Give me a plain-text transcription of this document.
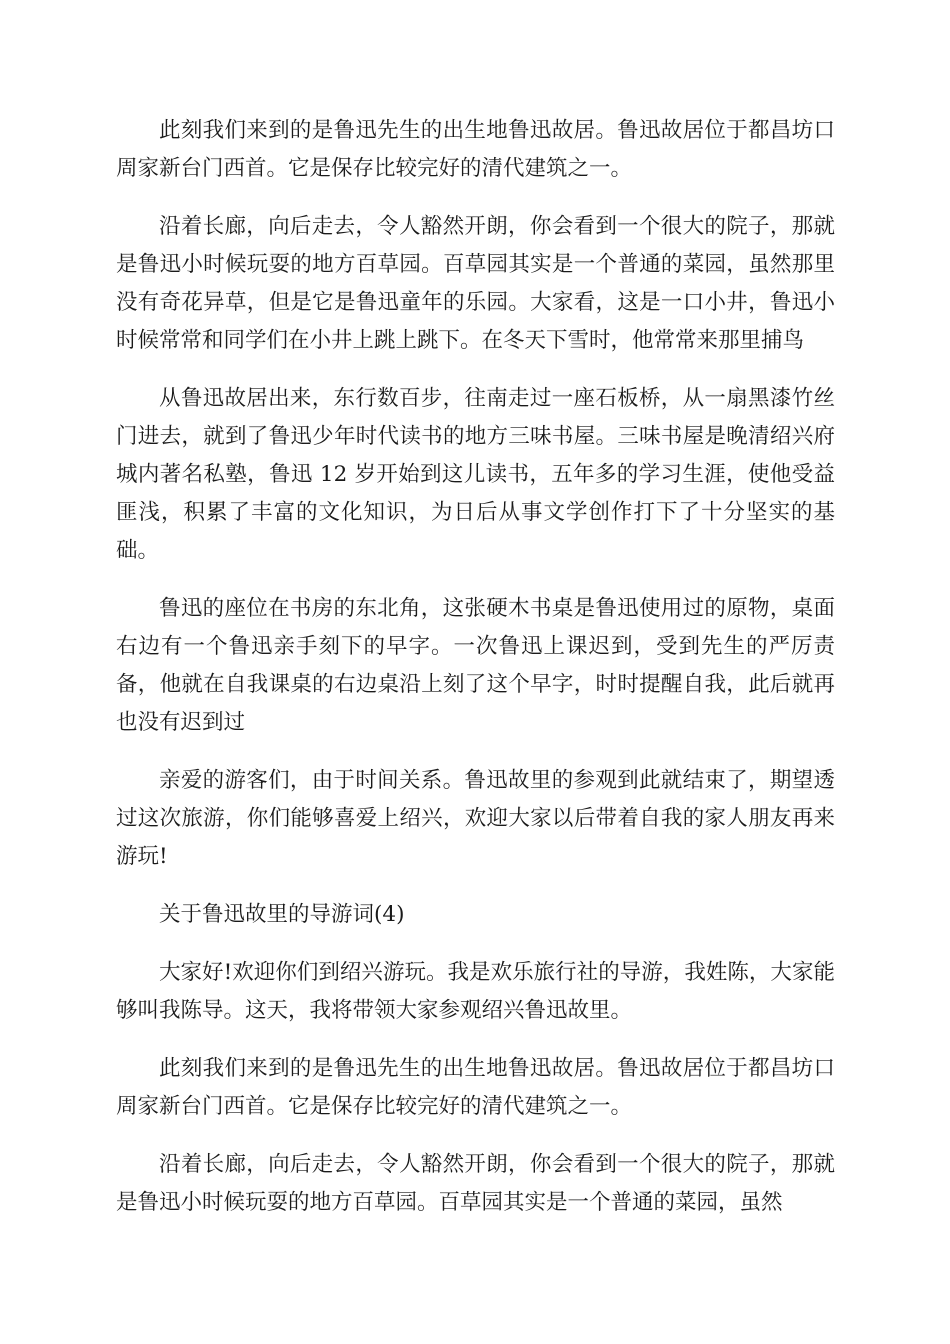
此刻我们来到的是鲁迅先生的出生地鲁迅故居。鲁迅故居位于都昌坊口周家新台门西首。它是保存比较完好的清代建筑之一。

沿着长廊，向后走去，令人豁然开朗，你会看到一个很大的院子，那就是鲁迅小时候玩耍的地方百草园。百草园其实是一个普通的菜园，虽然那里没有奇花异草，但是它是鲁迅童年的乐园。大家看，这是一口小井，鲁迅小时候常常和同学们在小井上跳上跳下。在冬天下雪时，他常常来那里捕鸟

从鲁迅故居出来，东行数百步，往南走过一座石板桥，从一扇黑漆竹丝门进去，就到了鲁迅少年时代读书的地方三味书屋。三味书屋是晚清绍兴府城内著名私塾，鲁迅 12 岁开始到这儿读书，五年多的学习生涯，使他受益匪浅，积累了丰富的文化知识，为日后从事文学创作打下了十分坚实的基础。

鲁迅的座位在书房的东北角，这张硬木书桌是鲁迅使用过的原物，桌面右边有一个鲁迅亲手刻下的早字。一次鲁迅上课迟到，受到先生的严厉责备，他就在自我课桌的右边桌沿上刻了这个早字，时时提醒自我，此后就再也没有迟到过

亲爱的游客们，由于时间关系。鲁迅故里的参观到此就结束了，期望透过这次旅游，你们能够喜爱上绍兴，欢迎大家以后带着自我的家人朋友再来游玩!

关于鲁迅故里的导游词(4)

大家好!欢迎你们到绍兴游玩。我是欢乐旅行社的导游，我姓陈，大家能够叫我陈导。这天，我将带领大家参观绍兴鲁迅故里。

此刻我们来到的是鲁迅先生的出生地鲁迅故居。鲁迅故居位于都昌坊口周家新台门西首。它是保存比较完好的清代建筑之一。

沿着长廊，向后走去，令人豁然开朗，你会看到一个很大的院子，那就是鲁迅小时候玩耍的地方百草园。百草园其实是一个普通的菜园，虽然
